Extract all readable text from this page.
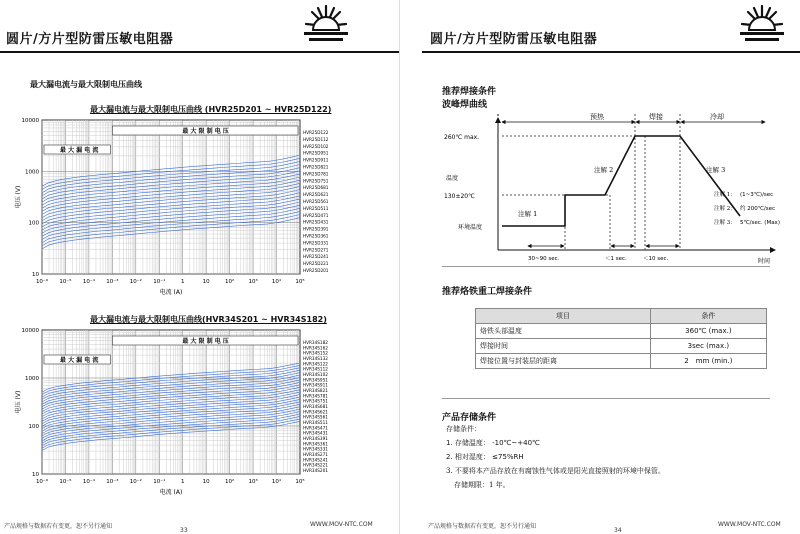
圆片/方片型防雷压敏电阻器
最大漏电流与最大限制电压曲线
最大漏电流与最大限制电压曲线 (HVR25D201 ~ HVR25D122)
10⁻⁶ 10⁻⁵ 10⁻⁴ 10⁻³ 10⁻² 10⁻¹	1	10	10²	10³	10⁴	10⁵
10000
1000
100
10
电流 (A)
电压 (V)
最 大 限 制 电 压
最 大 漏 电 流
HVR25D122
HVR25D112
HVR25D102
HVR25D951
HVR25D911
HVR25D821
HVR25D781
HVR25D751
HVR25D681
HVR25D621
HVR25D561
HVR25D511
HVR25D471
HVR25D431
HVR25D391
HVR25D361
HVR25D331
HVR25D271
HVR25D241
HVR25D221
HVR25D201
最大漏电流与最大限制电压曲线(HVR34S201 ~ HVR34S182)
10⁻⁶ 10⁻⁵ 10⁻⁴ 10⁻³ 10⁻² 10⁻¹	1	10	10²	10³	10⁴	10⁵
10000
1000
100
10
电流 (A)
电压 (V)
最 大 限 制 电 压
最 大 漏 电 流
HVR34S182
HVR34S162
HVR34S152
HVR34S132
HVR34S122
HVR34S112
HVR34S102
HVR34S951
HVR34S911
HVR34S821
HVR34S781
HVR34S751
HVR34S681
HVR34S621
HVR34S561
HVR34S511
HVR34S471
HVR34S431
HVR34S391
HVR34S361
HVR34S331
HVR34S271
HVR34S241
HVR34S221
HVR34S201
产品规格与数据若有变更，恕不另行通知
33
WWW.MOV-NTC.COM
圆片/方片型防雷压敏电阻器
推荐焊接条件
波峰焊曲线
预热	焊接	冷却
260℃ max.
130±20℃
环境温度
温度
时间
注解 1
注解 2	注解 3
30~90 sec.	＜1 sec.	＜10 sec.
注解 1： (1~3℃)/sec
注解 2： 约 200℃/sec
注解 3： 5℃/sec. (Max)
推荐烙铁重工焊接条件
产品存储条件
存储条件：
1. 存储温度： -10℃~+40℃
2. 相对湿度： ≤75%RH
3. 不要将本产品存放在有腐蚀性气体或是阳光直接照射的环境中保管。
存储期限：1 年。
产品规格与数据若有变更，恕不另行通知
34
WWW.MOV-NTC.COM
项目	条件
烙铁头部温度	360℃ (max.)
焊接时间	3sec (max.)
焊接位置与封装层的距离	2　mm (min.)
